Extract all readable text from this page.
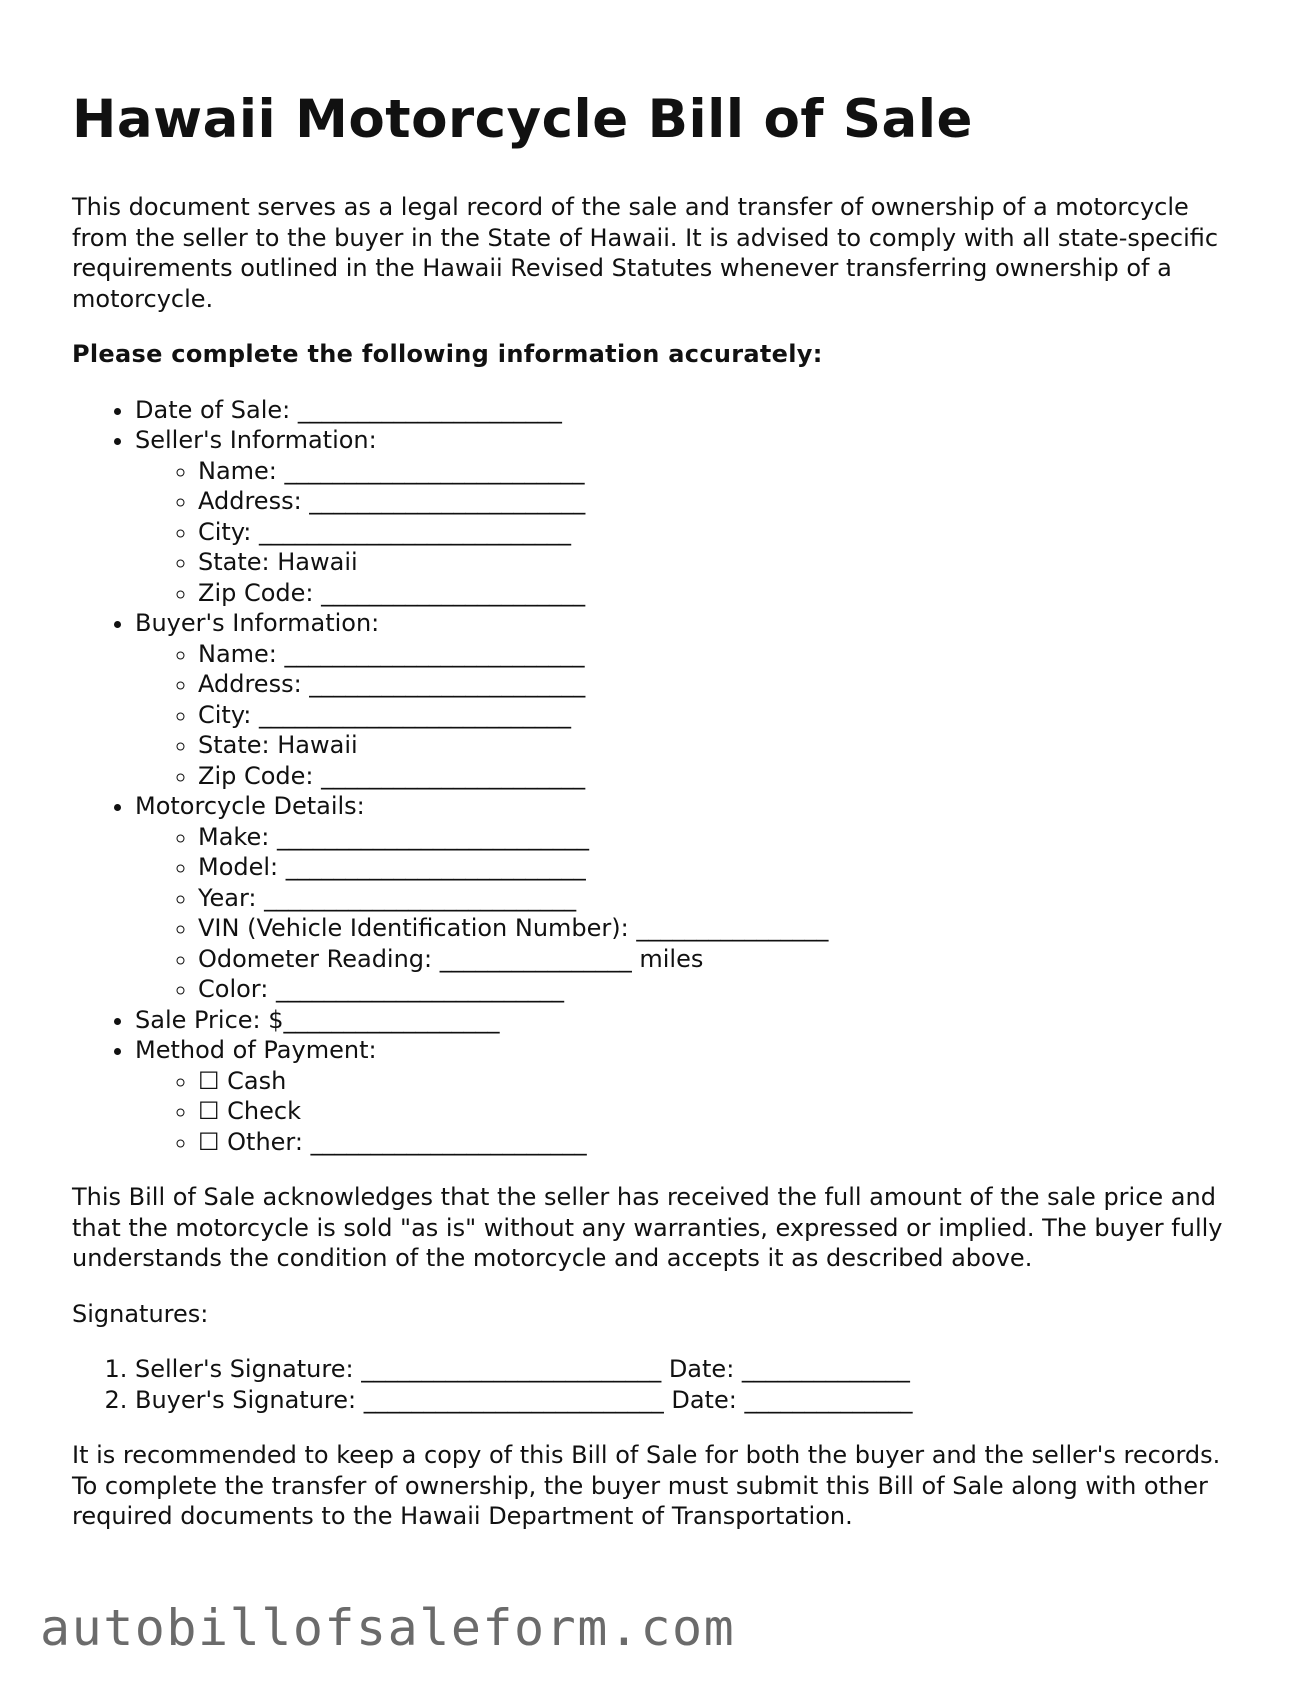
Hawaii Motorcycle Bill of Sale

This document serves as a legal record of the sale and transfer of ownership of a motorcycle from the seller to the buyer in the State of Hawaii. It is advised to comply with all state-specific requirements outlined in the Hawaii Revised Statutes whenever transferring ownership of a motorcycle.

Please complete the following information accurately:

• Date of Sale: ______________________
• Seller's Information:
◦ Name: _________________________
◦ Address: _______________________
◦ City: __________________________
◦ State: Hawaii
◦ Zip Code: ______________________
• Buyer's Information:
◦ Name: _________________________
◦ Address: _______________________
◦ City: __________________________
◦ State: Hawaii
◦ Zip Code: ______________________
• Motorcycle Details:
◦ Make: __________________________
◦ Model: _________________________
◦ Year: __________________________
◦ VIN (Vehicle Identification Number): ________________
◦ Odometer Reading: ________________ miles
◦ Color: ________________________
• Sale Price: $__________________
• Method of Payment:
◦ ☐ Cash
◦ ☐ Check
◦ ☐ Other: _______________________

This Bill of Sale acknowledges that the seller has received the full amount of the sale price and that the motorcycle is sold "as is" without any warranties, expressed or implied. The buyer fully understands the condition of the motorcycle and accepts it as described above.

Signatures:

1. Seller's Signature: _________________________ Date: ______________
2. Buyer's Signature: _________________________ Date: ______________

It is recommended to keep a copy of this Bill of Sale for both the buyer and the seller's records. To complete the transfer of ownership, the buyer must submit this Bill of Sale along with other required documents to the Hawaii Department of Transportation.

autobillofsaleform.com
